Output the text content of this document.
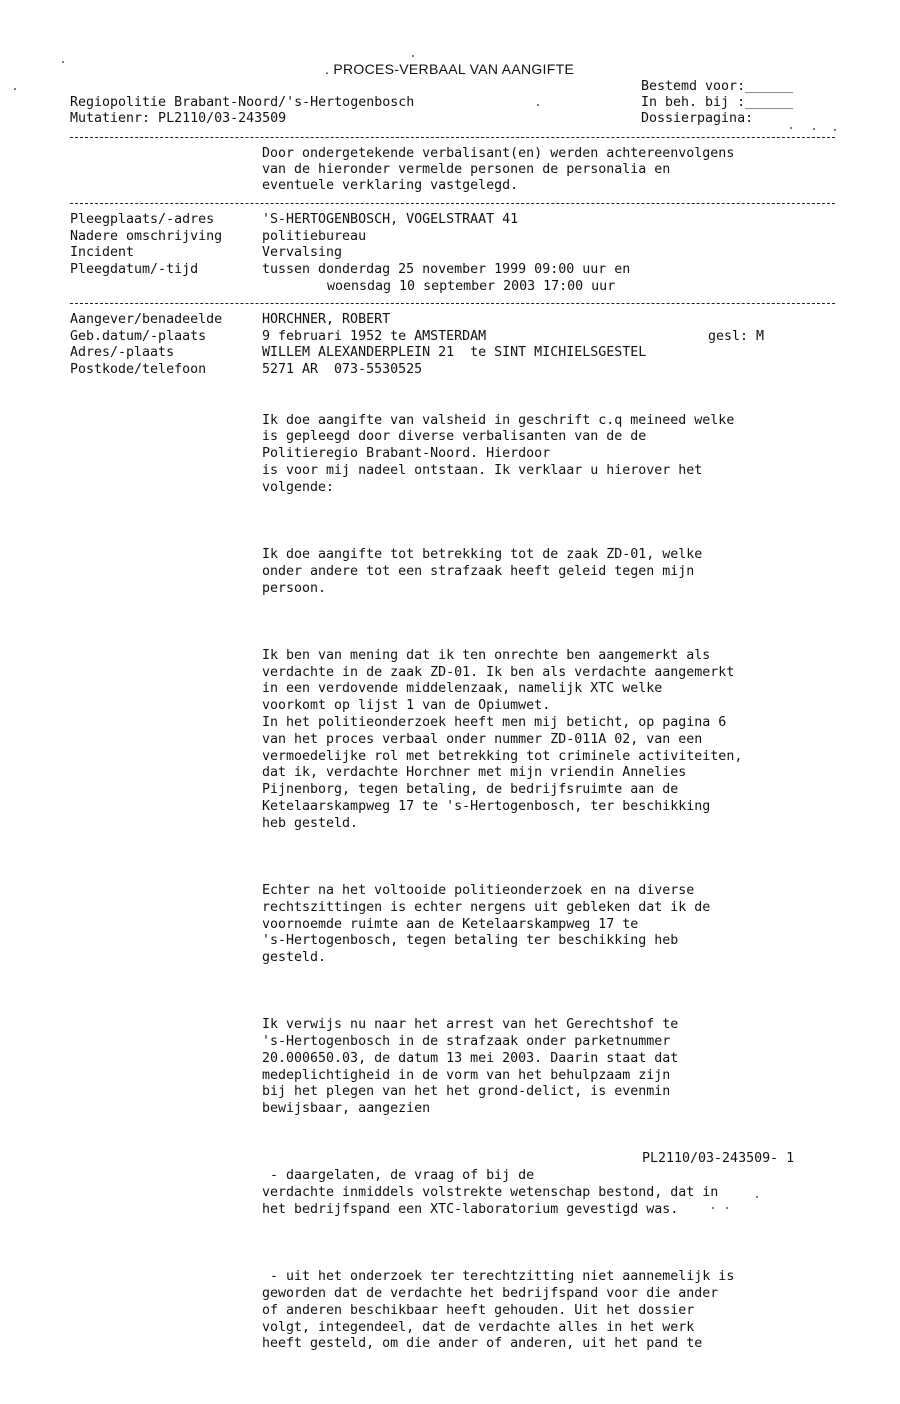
. PROCES-VERBAAL VAN AANGIFTE
Bestemd voor:______
Regiopolitie Brabant-Noord/'s-Hertogenbosch	In beh. bij :______
Mutatienr: PL2110/03-243509	Dossierpagina:
Door ondergetekende verbalisant(en) werden achtereenvolgens
van de hieronder vermelde personen de personalia en
eventuele verklaring vastgelegd.
Pleegplaats/-adres	'S-HERTOGENBOSCH, VOGELSTRAAT 41
Nadere omschrijving	politiebureau
Incident	Vervalsing
Pleegdatum/-tijd	tussen donderdag 25 november 1999 09:00 uur en
woensdag 10 september 2003 17:00 uur
Aangever/benadeelde	HORCHNER, ROBERT
Geb.datum/-plaats	9 februari 1952 te AMSTERDAM	gesl: M
Adres/-plaats	WILLEM ALEXANDERPLEIN 21  te SINT MICHIELSGESTEL
Postkode/telefoon	5271 AR  073-5530525

Ik doe aangifte van valsheid in geschrift c.q meineed welke
is gepleegd door diverse verbalisanten van de de
Politieregio Brabant-Noord. Hierdoor
is voor mij nadeel ontstaan. Ik verklaar u hierover het
volgende:

Ik doe aangifte tot betrekking tot de zaak ZD-01, welke
onder andere tot een strafzaak heeft geleid tegen mijn
persoon.

Ik ben van mening dat ik ten onrechte ben aangemerkt als
verdachte in de zaak ZD-01. Ik ben als verdachte aangemerkt
in een verdovende middelenzaak, namelijk XTC welke
voorkomt op lijst 1 van de Opiumwet.
In het politieonderzoek heeft men mij beticht, op pagina 6
van het proces verbaal onder nummer ZD-011A 02, van een
vermoedelijke rol met betrekking tot criminele activiteiten,
dat ik, verdachte Horchner met mijn vriendin Annelies
Pijnenborg, tegen betaling, de bedrijfsruimte aan de
Ketelaarskampweg 17 te 's-Hertogenbosch, ter beschikking
heb gesteld.

Echter na het voltooide politieonderzoek en na diverse
rechtszittingen is echter nergens uit gebleken dat ik de
voornoemde ruimte aan de Ketelaarskampweg 17 te
's-Hertogenbosch, tegen betaling ter beschikking heb
gesteld.

Ik verwijs nu naar het arrest van het Gerechtshof te
's-Hertogenbosch in de strafzaak onder parketnummer
20.000650.03, de datum 13 mei 2003. Daarin staat dat
medeplichtigheid in de vorm van het behulpzaam zijn
bij het plegen van het het grond-delict, is evenmin
bewijsbaar, aangezien

- daargelaten, de vraag of bij de
verdachte inmiddels volstrekte wetenschap bestond, dat in
het bedrijfspand een XTC-laboratorium gevestigd was.

- uit het onderzoek ter terechtzitting niet aannemelijk is
geworden dat de verdachte het bedrijfspand voor die ander
of anderen beschikbaar heeft gehouden. Uit het dossier
volgt, integendeel, dat de verdachte alles in het werk
heeft gesteld, om die ander of anderen, uit het pand te

PL2110/03-243509- 1
